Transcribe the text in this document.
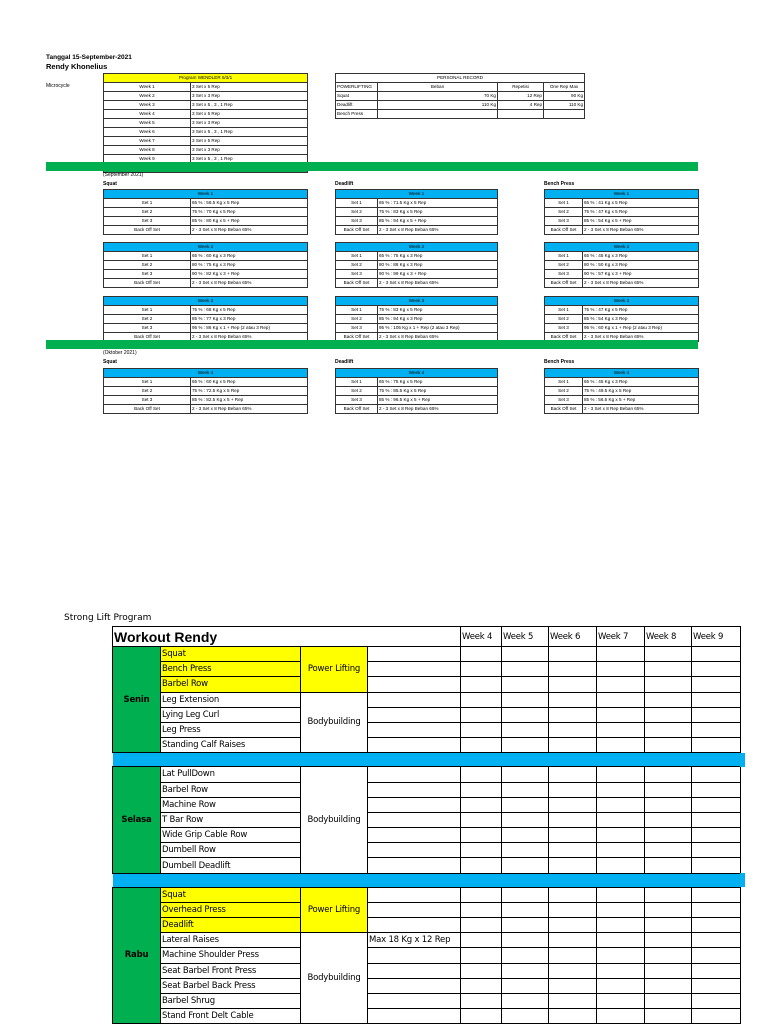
Tanggal 15-September-2021
Rendy Khonelius
Microcycle
Program WENDLER 5/3/1	
Week 1	3 Set x 5 Rep
Week 2	3 Set x 3 Rep
Week 3	3 Set x 5 , 3 , 1 Rep
Week 4	3 Set x 5 Rep
Week 5	3 Set x 3 Rep
Week 6	3 Set x 5 , 3 , 1 Rep
Week 7	3 Set x 5 Rep
Week 8	3 Set x 3 Rep
Week 9	3 Set x 5 , 3 , 1 Rep

PERSONAL RECORD			
POWERLIFTING	Beban	Repetisi	One Rep Max
Squat	70 Kg	12 Rep	90 Kg
Deadlift	110 Kg	4 Rep	110 Kg
Bench Press			
(September 2021)
Squat	Deadlift	Bench Press
Week 1	
Set 1	65 % : 58.5 Kg x 5 Rep
Set 2	75 % : 70 Kg x 5 Rep
Set 3	85 % : 80 Kg x 5 + Rep
Back Off Set	2 - 3 Set x 8 Rep Beban 65%
Week 1	
Set 1	65 % : 71.5 Kg x 5 Rep
Set 2	75 % : 83 Kg x 5 Rep
Set 3	85 % : 94 Kg x 5 + Rep
Back Off Set	2 - 3 Set x 8 Rep Beban 65%
Week 1	
Set 1	65 % : 41 Kg x 5 Rep
Set 2	75 % : 47 Kg x 5 Rep
Set 3	85 % : 54 Kg x 5 + Rep
Back Off Set	2 - 3 Set x 8 Rep Beban 65%
Week 2	
Set 1	65 % : 60 Kg x 3 Rep
Set 2	80 % : 75 Kg x 3 Rep
Set 3	90 % : 82 Kg x 3 + Rep
Back Off Set	2 - 3 Set x 8 Rep Beban 65%
Week 2	
Set 1	65 % : 75 Kg x 3 Rep
Set 2	80 % : 88 Kg x 3 Rep
Set 3	90 % : 99 Kg x 3 + Rep
Back Off Set	2 - 3 Set x 8 Rep Beban 65%
Week 2	
Set 1	65 % : 45 Kg x 3 Rep
Set 2	80 % : 50 Kg x 3 Rep
Set 3	90 % : 57 Kg x 3 + Rep
Back Off Set	2 - 3 Set x 8 Rep Beban 65%
Week 3	
Set 1	75 % : 68 Kg x 5 Rep
Set 2	85 % : 77 Kg x 3 Rep
Set 3	95 % : 86 Kg x 1 + Rep (2 atau 3 Rep)
Back Off Set	2 - 3 Set x 8 Rep Beban 65%
Week 3	
Set 1	75 % : 83 Kg x 5 Rep
Set 2	85 % : 94 Kg x 3 Rep
Set 3	95 % : 105 Kg x 1 + Rep (2 atau 3 Rep)
Back Off Set	2 - 3 Set x 8 Rep Beban 65%
Week 3	
Set 1	75 % : 47 Kg x 5 Rep
Set 2	85 % : 54 Kg x 3 Rep
Set 3	95 % : 60 Kg x 1 + Rep (2 atau 3 Rep)
Back Off Set	2 - 3 Set x 8 Rep Beban 65%
(Oktober 2021)
Squat	Deadlift	Bench Press
Week 4	
Set 1	65 % : 60 Kg x 5 Rep
Set 2	75 % : 72.5 Kg x 5 Rep
Set 3	85 % : 82.5 Kg x 5 + Rep
Back Off Set	2 - 3 Set x 8 Rep Beban 65%
Week 4	
Set 1	65 % : 75 Kg x 5 Rep
Set 2	75 % : 85.5 Kg x 5 Rep
Set 3	85 % : 96.5 Kg x 5 + Rep
Back Off Set	2 - 3 Set x 8 Rep Beban 65%
Week 4	
Set 1	65 % : 45 Kg x 3 Rep
Set 2	75 % : 49.5 Kg x 5 Rep
Set 3	85 % : 56.5 Kg x 5 + Rep
Back Off Set	2 - 3 Set x 8 Rep Beban 65%
Strong Lift Program
Workout Rendy				Week 4	Week 5	Week 6	Week 7	Week 8	Week 9
Senin	Squat	Power Lifting							
	Bench Press								
	Barbel Row								
	Leg Extension	Bodybuilding							
	Lying Leg Curl								
	Leg Press								
	Standing Calf Raises								

Selasa	Lat PullDown	Bodybuilding							
	Barbel Row								
	Machine Row								
	T Bar Row								
	Wide Grip Cable Row								
	Dumbell Row								
	Dumbell Deadlift								

Rabu	Squat	Power Lifting							
	Overhead Press								
	Deadlift								
	Lateral Raises	Bodybuilding	Max 18 Kg x 12 Rep						
	Machine Shoulder Press								
	Seat Barbel Front Press								
	Seat Barbel Back Press								
	Barbel Shrug								
	Stand Front Delt Cable								
